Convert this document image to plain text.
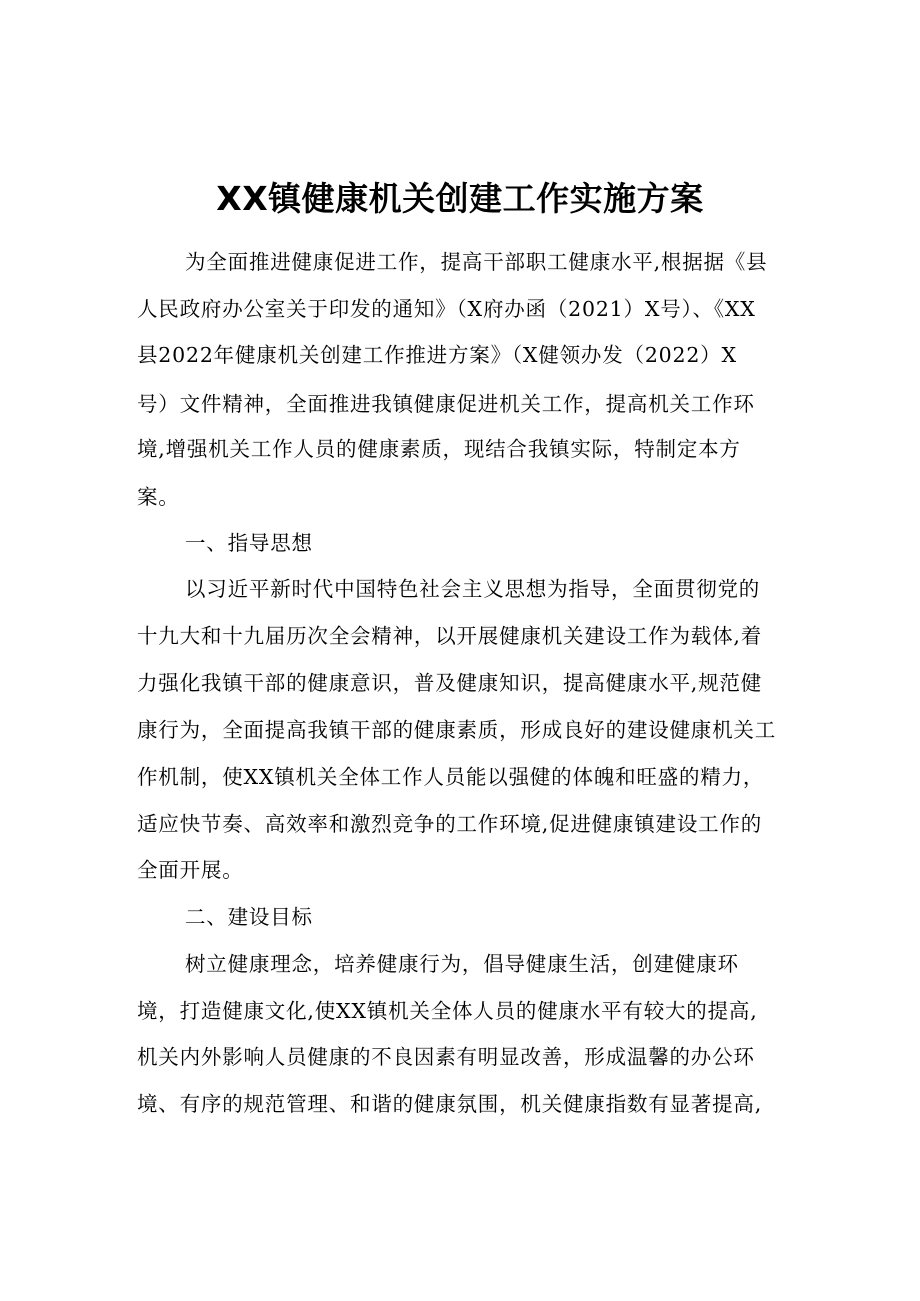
XX镇健康机关创建工作实施方案
为全面推进健康促进工作，提高干部职工健康水平,根据据《县
人民政府办公室关于印发的通知》（X府办函（2021）X号）、《XX
县2022年健康机关创建工作推进方案》（X健领办发（2022）X
号）文件精神，全面推进我镇健康促进机关工作，提高机关工作环
境,增强机关工作人员的健康素质，现结合我镇实际，特制定本方
案。
一、指导思想
以习近平新时代中国特色社会主义思想为指导，全面贯彻党的
十九大和十九届历次全会精神，以开展健康机关建设工作为载体,着
力强化我镇干部的健康意识，普及健康知识，提高健康水平,规范健
康行为，全面提高我镇干部的健康素质，形成良好的建设健康机关工
作机制，使XX镇机关全体工作人员能以强健的体魄和旺盛的精力，
适应快节奏、高效率和激烈竞争的工作环境,促进健康镇建设工作的
全面开展。
二、建设目标
树立健康理念，培养健康行为，倡导健康生活，创建健康环
境，打造健康文化,使XX镇机关全体人员的健康水平有较大的提高,
机关内外影响人员健康的不良因素有明显改善，形成温馨的办公环
境、有序的规范管理、和谐的健康氛围，机关健康指数有显著提高,
